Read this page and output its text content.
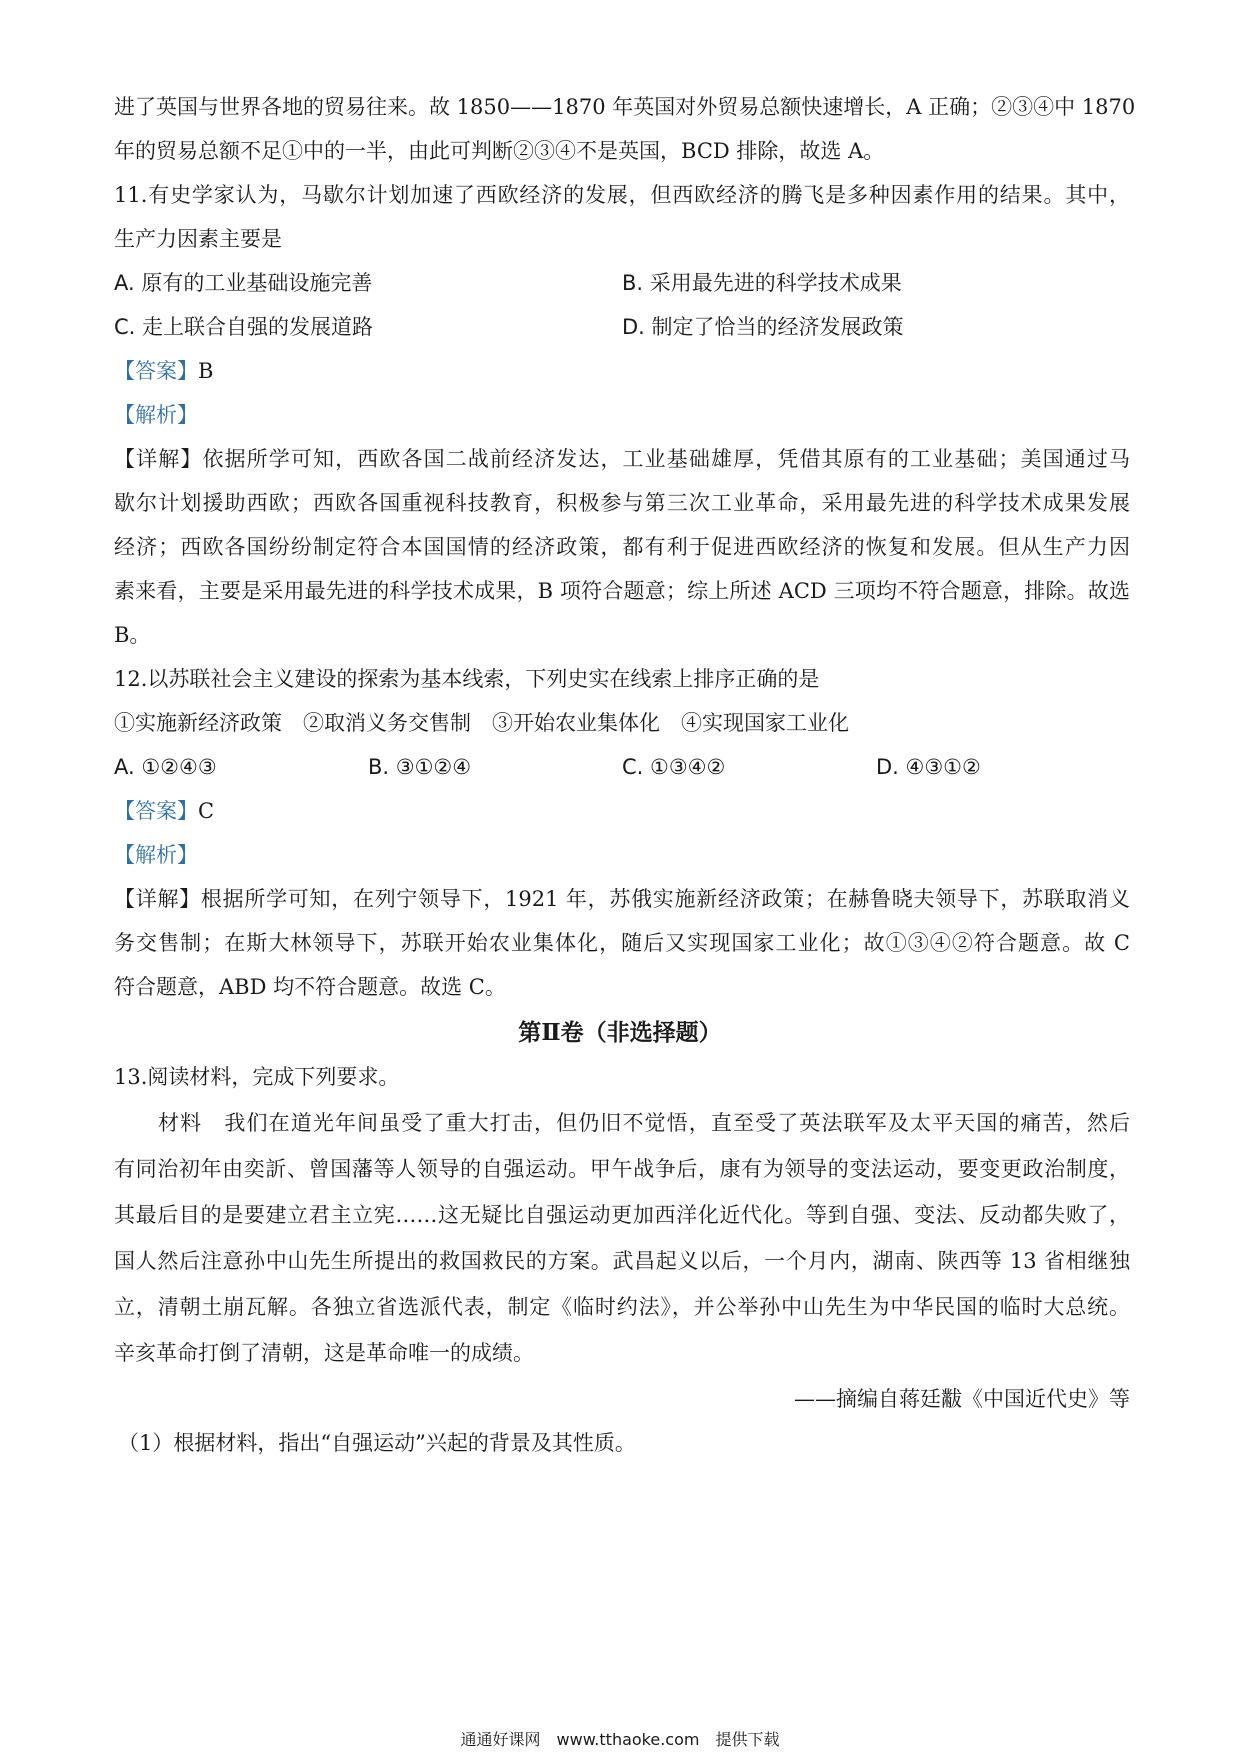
进了英国与世界各地的贸易往来。故 1850——1870 年英国对外贸易总额快速增长，A 正确；②③④中 1870
年的贸易总额不足①中的一半，由此可判断②③④不是英国，BCD 排除，故选 A。
11.有史学家认为，马歇尔计划加速了西欧经济的发展，但西欧经济的腾飞是多种因素作用的结果。其中，
生产力因素主要是
A. 原有的工业基础设施完善	B. 采用最先进的科学技术成果
C. 走上联合自强的发展道路	D. 制定了恰当的经济发展政策
【答案】B
【解析】
【详解】依据所学可知，西欧各国二战前经济发达，工业基础雄厚，凭借其原有的工业基础；美国通过马
歇尔计划援助西欧；西欧各国重视科技教育，积极参与第三次工业革命，采用最先进的科学技术成果发展
经济；西欧各国纷纷制定符合本国国情的经济政策，都有利于促进西欧经济的恢复和发展。但从生产力因
素来看，主要是采用最先进的科学技术成果，B 项符合题意；综上所述 ACD 三项均不符合题意，排除。故选
B。
12.以苏联社会主义建设的探索为基本线索，下列史实在线索上排序正确的是
①实施新经济政策　②取消义务交售制　③开始农业集体化　④实现国家工业化
A. ①②④③	B. ③①②④	C. ①③④②	D. ④③①②
【答案】C
【解析】
【详解】根据所学可知，在列宁领导下，1921 年，苏俄实施新经济政策；在赫鲁晓夫领导下，苏联取消义
务交售制；在斯大林领导下，苏联开始农业集体化，随后又实现国家工业化；故①③④②符合题意。故 C
符合题意，ABD 均不符合题意。故选 C。
第Ⅱ卷（非选择题）
13.阅读材料，完成下列要求。
材料　我们在道光年间虽受了重大打击，但仍旧不觉悟，直至受了英法联军及太平天国的痛苦，然后
有同治初年由奕訢、曾国藩等人领导的自强运动。甲午战争后，康有为领导的变法运动，要变更政治制度，
其最后目的是要建立君主立宪……这无疑比自强运动更加西洋化近代化。等到自强、变法、反动都失败了，
国人然后注意孙中山先生所提出的救国救民的方案。武昌起义以后，一个月内，湖南、陕西等 13 省相继独
立，清朝土崩瓦解。各独立省选派代表，制定《临时约法》，并公举孙中山先生为中华民国的临时大总统。
辛亥革命打倒了清朝，这是革命唯一的成绩。
——摘编自蒋廷黻《中国近代史》等
（1）根据材料，指出“自强运动”兴起的背景及其性质。
通通好课网　www.tthaoke.com　提供下载
